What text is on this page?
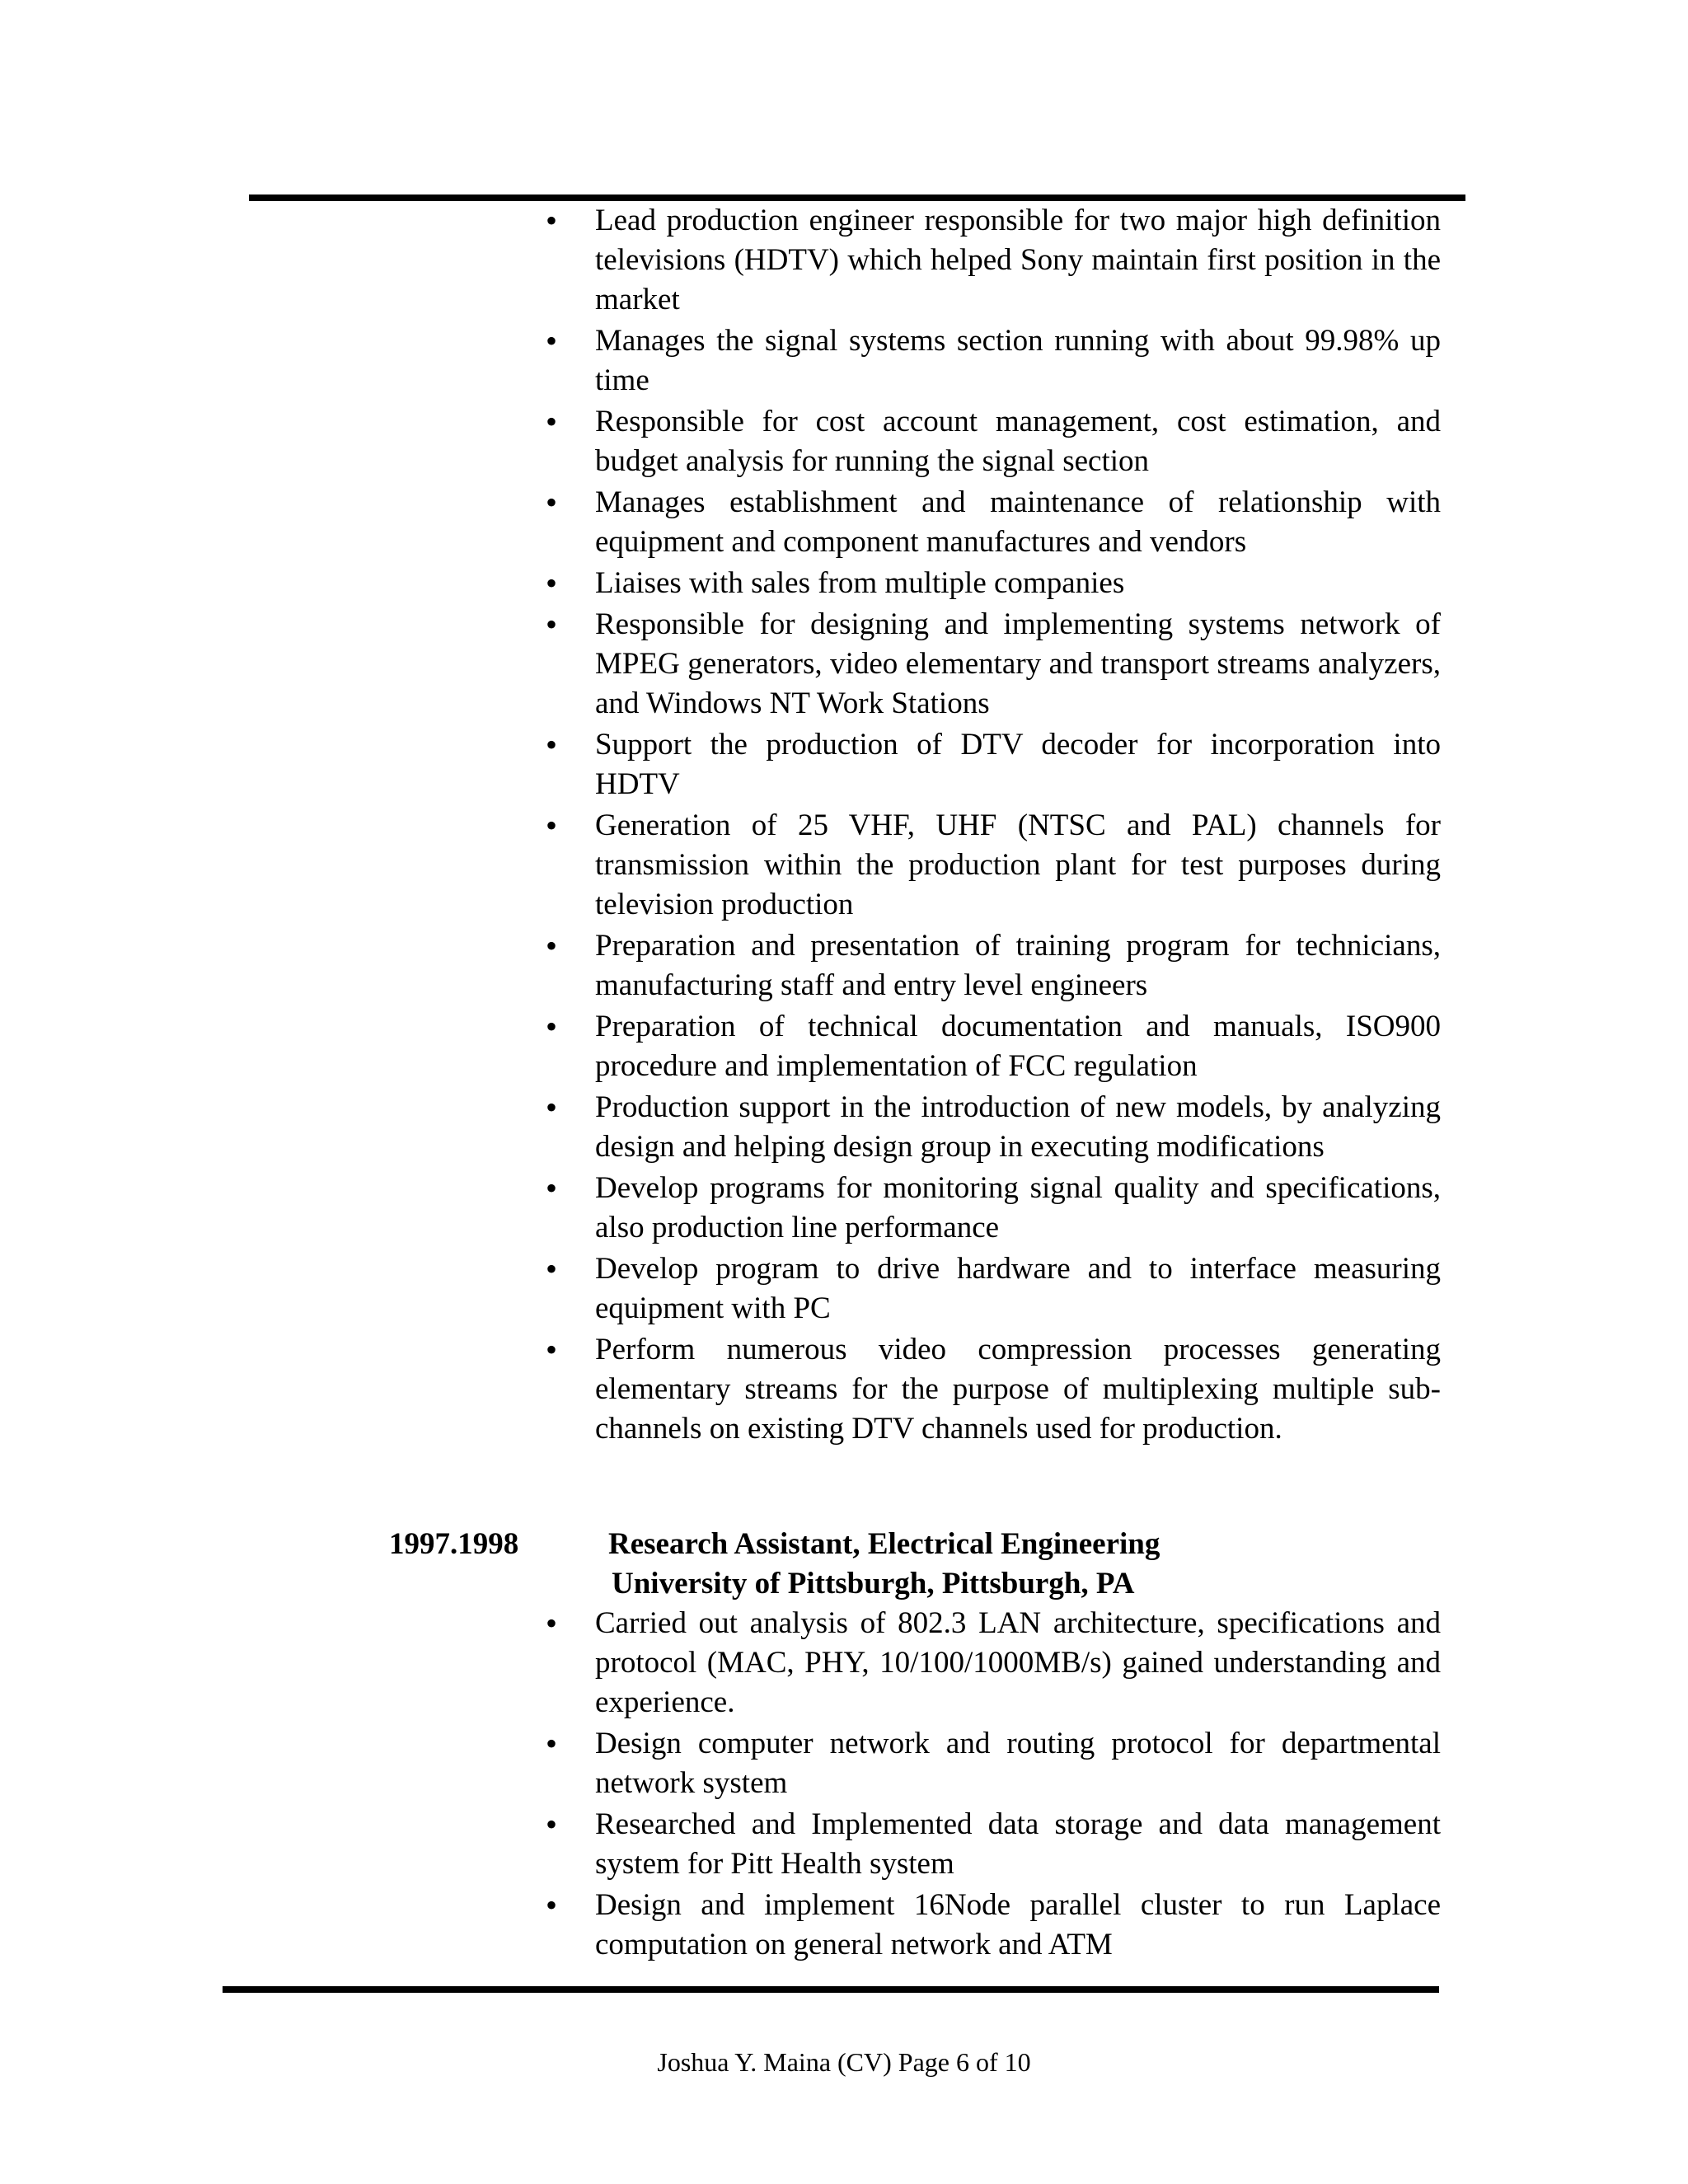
• Lead production engineer responsible for two major high definition televisions (HDTV) which helped Sony maintain first position in the market
• Manages the signal systems section running with about 99.98% up time
• Responsible for cost account management, cost estimation, and budget analysis for running the signal section
• Manages establishment and maintenance of relationship with equipment and component manufactures and vendors
• Liaises with sales from multiple companies
• Responsible for designing and implementing systems network of MPEG generators, video elementary and transport streams analyzers, and Windows NT Work Stations
• Support the production of DTV decoder for incorporation into HDTV
• Generation of 25 VHF, UHF (NTSC and PAL) channels for transmission within the production plant for test purposes during television production
• Preparation and presentation of training program for technicians, manufacturing staff and entry level engineers
• Preparation of technical documentation and manuals, ISO900 procedure and implementation of FCC regulation
• Production support in the introduction of new models, by analyzing design and helping design group in executing modifications
• Develop programs for monitoring signal quality and specifications, also production line performance
• Develop program to drive hardware and to interface measuring equipment with PC
• Perform numerous video compression processes generating elementary streams for the purpose of multiplexing multiple sub-channels on existing DTV channels used for production.
1997.1998	Research Assistant, Electrical Engineering
University of Pittsburgh, Pittsburgh, PA
• Carried out analysis of 802.3 LAN architecture, specifications and protocol (MAC, PHY, 10/100/1000MB/s) gained understanding and experience.
• Design computer network and routing protocol for departmental network system
• Researched and Implemented data storage and data management system for Pitt Health system
• Design and implement 16Node parallel cluster to run Laplace computation on general network and ATM
Joshua Y. Maina (CV) Page 6 of 10
